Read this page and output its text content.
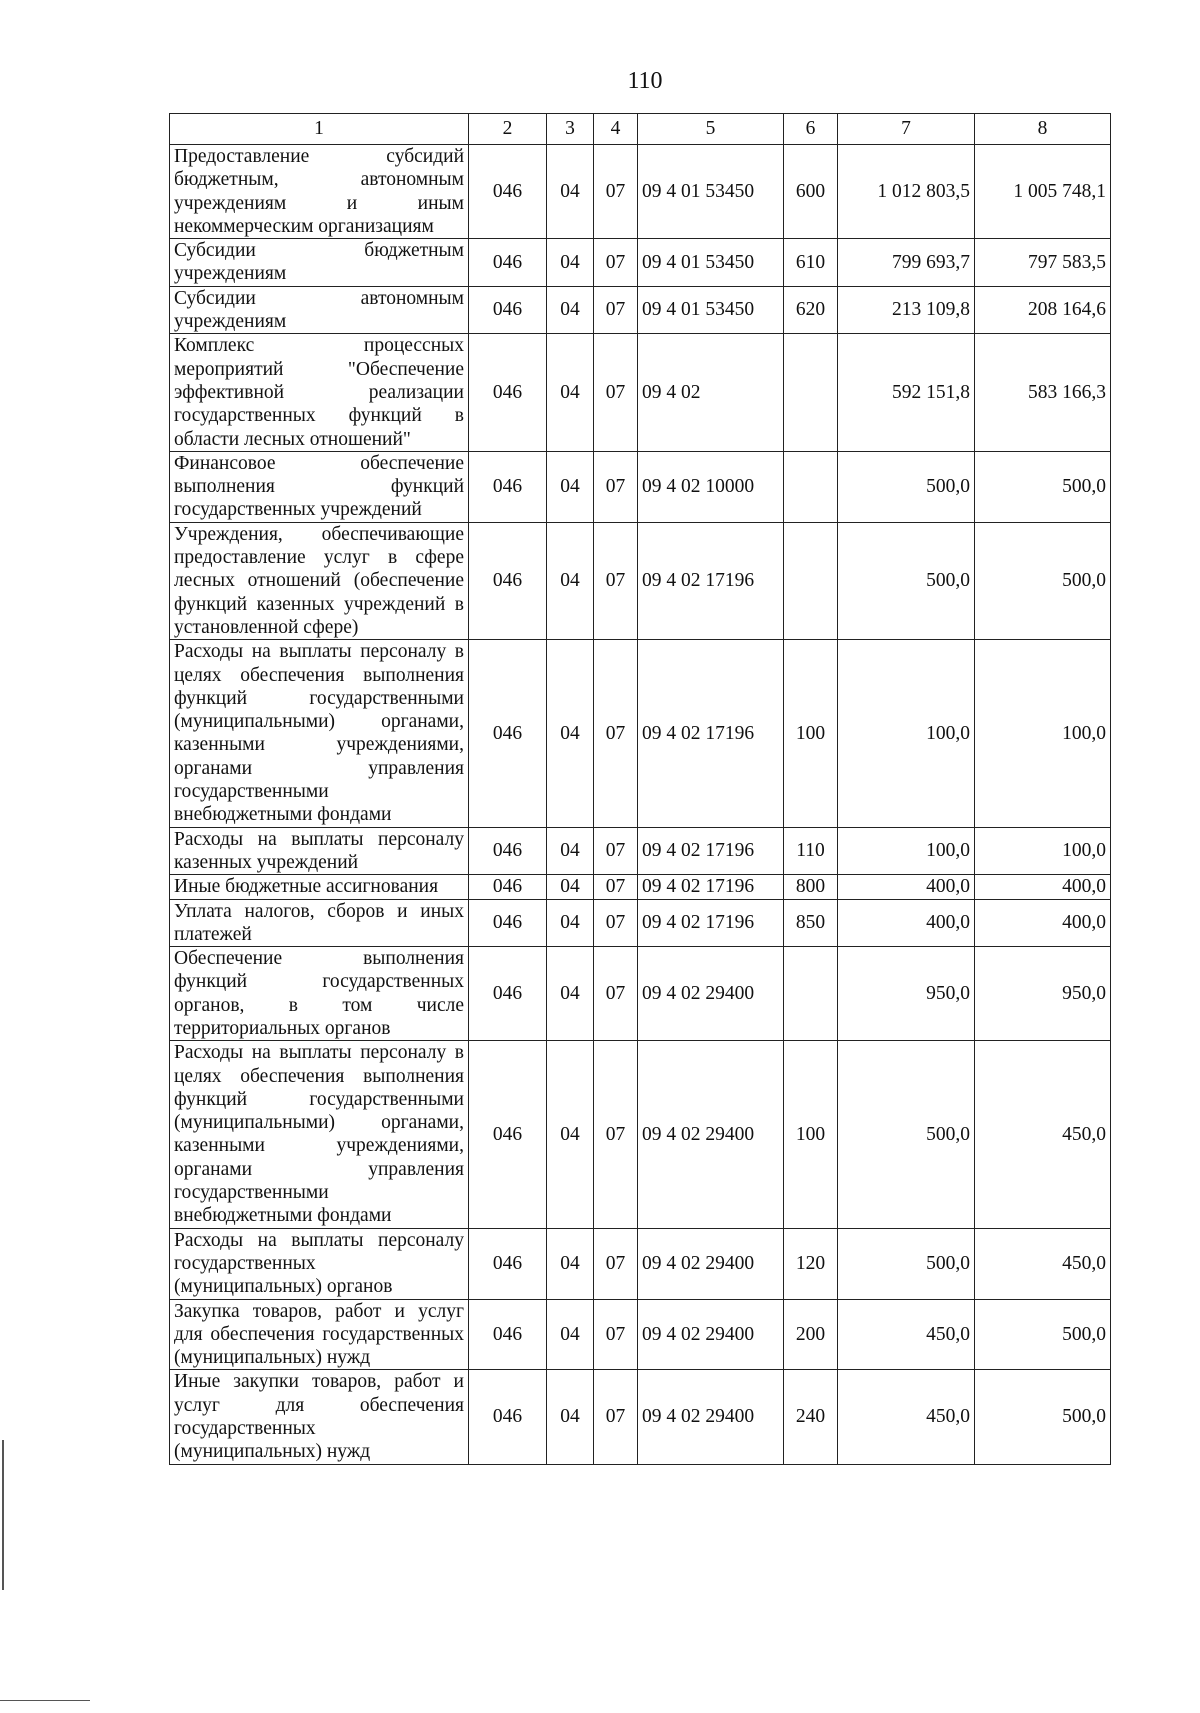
110
1	2	3	4	5	6	7	8
Предоставление субсидий бюджетным, автономным учреждениям и иным некоммерческим организациям	046	04	07	09 4 01 53450	600	1 012 803,5	1 005 748,1
Субсидии бюджетным учреждениям	046	04	07	09 4 01 53450	610	799 693,7	797 583,5
Субсидии автономным учреждениям	046	04	07	09 4 01 53450	620	213 109,8	208 164,6
Комплекс процессных мероприятий "Обеспечение эффективной реализации государственных функций в области лесных отношений"	046	04	07	09 4 02		592 151,8	583 166,3
Финансовое обеспечение выполнения функций государственных учреждений	046	04	07	09 4 02 10000		500,0	500,0
Учреждения, обеспечивающие предоставление услуг в сфере лесных отношений (обеспечение функций казенных учреждений в установленной сфере)	046	04	07	09 4 02 17196		500,0	500,0
Расходы на выплаты персоналу в целях обеспечения выполнения функций государственными (муниципальными) органами, казенными учреждениями, органами управления государственными внебюджетными фондами	046	04	07	09 4 02 17196	100	100,0	100,0
Расходы на выплаты персоналу казенных учреждений	046	04	07	09 4 02 17196	110	100,0	100,0
Иные бюджетные ассигнования	046	04	07	09 4 02 17196	800	400,0	400,0
Уплата налогов, сборов и иных платежей	046	04	07	09 4 02 17196	850	400,0	400,0
Обеспечение выполнения функций государственных органов, в том числе территориальных органов	046	04	07	09 4 02 29400		950,0	950,0
Расходы на выплаты персоналу в целях обеспечения выполнения функций государственными (муниципальными) органами, казенными учреждениями, органами управления государственными внебюджетными фондами	046	04	07	09 4 02 29400	100	500,0	450,0
Расходы на выплаты персоналу государственных (муниципальных) органов	046	04	07	09 4 02 29400	120	500,0	450,0
Закупка товаров, работ и услуг для обеспечения государственных (муниципальных) нужд	046	04	07	09 4 02 29400	200	450,0	500,0
Иные закупки товаров, работ и услуг для обеспечения государственных (муниципальных) нужд	046	04	07	09 4 02 29400	240	450,0	500,0
